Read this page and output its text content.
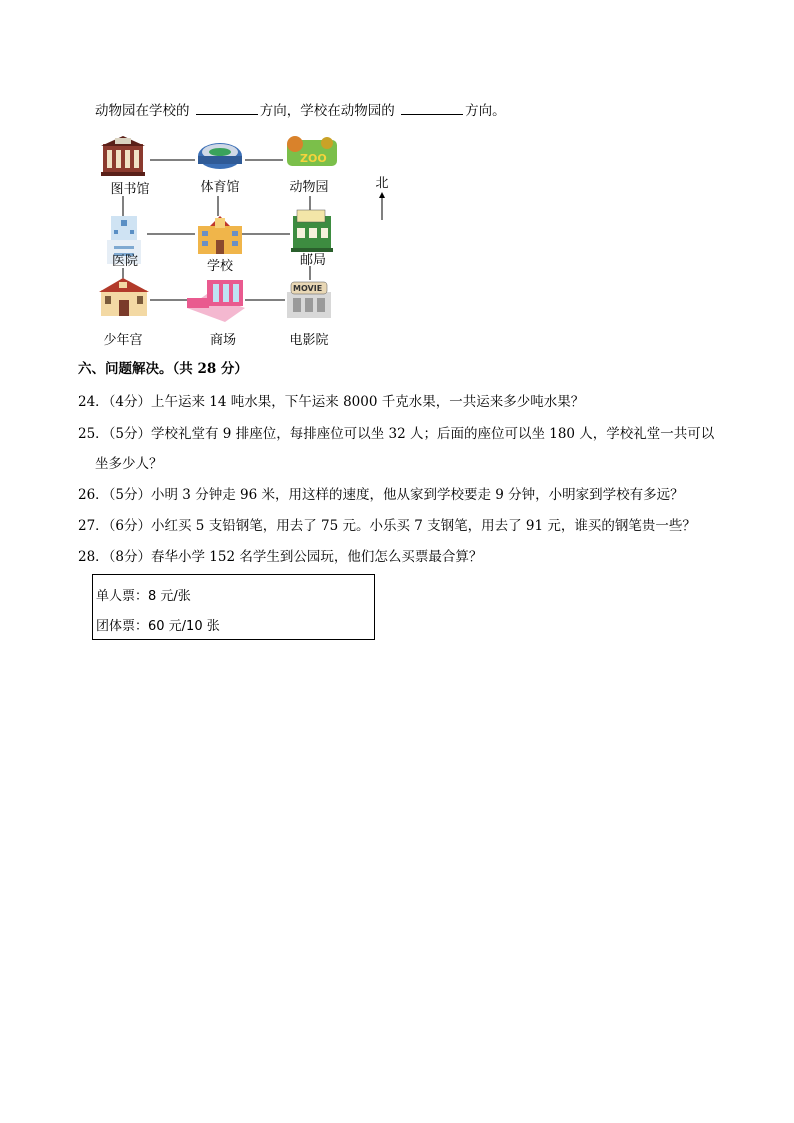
动物园在学校的	方向，学校在动物园的	方向。
ZOO
MOVIE
图书馆	体育馆	动物园
医院	学校	邮局
少年宫	商场	电影院
北
六、问题解决。（共 28 分）
24．（4分）上午运来 14 吨水果，下午运来 8000 千克水果，一共运来多少吨水果？
25．（5分）学校礼堂有 9 排座位，每排座位可以坐 32 人；后面的座位可以坐 180 人，学校礼堂一共可以
坐多少人？
26．（5分）小明 3 分钟走 96 米，用这样的速度，他从家到学校要走 9 分钟，小明家到学校有多远？
27．（6分）小红买 5 支铅钢笔，用去了 75 元。小乐买 7 支钢笔，用去了 91 元，谁买的钢笔贵一些？
28．（8分）春华小学 152 名学生到公园玩，他们怎么买票最合算？
单人票：8 元/张
团体票：60 元/10 张
